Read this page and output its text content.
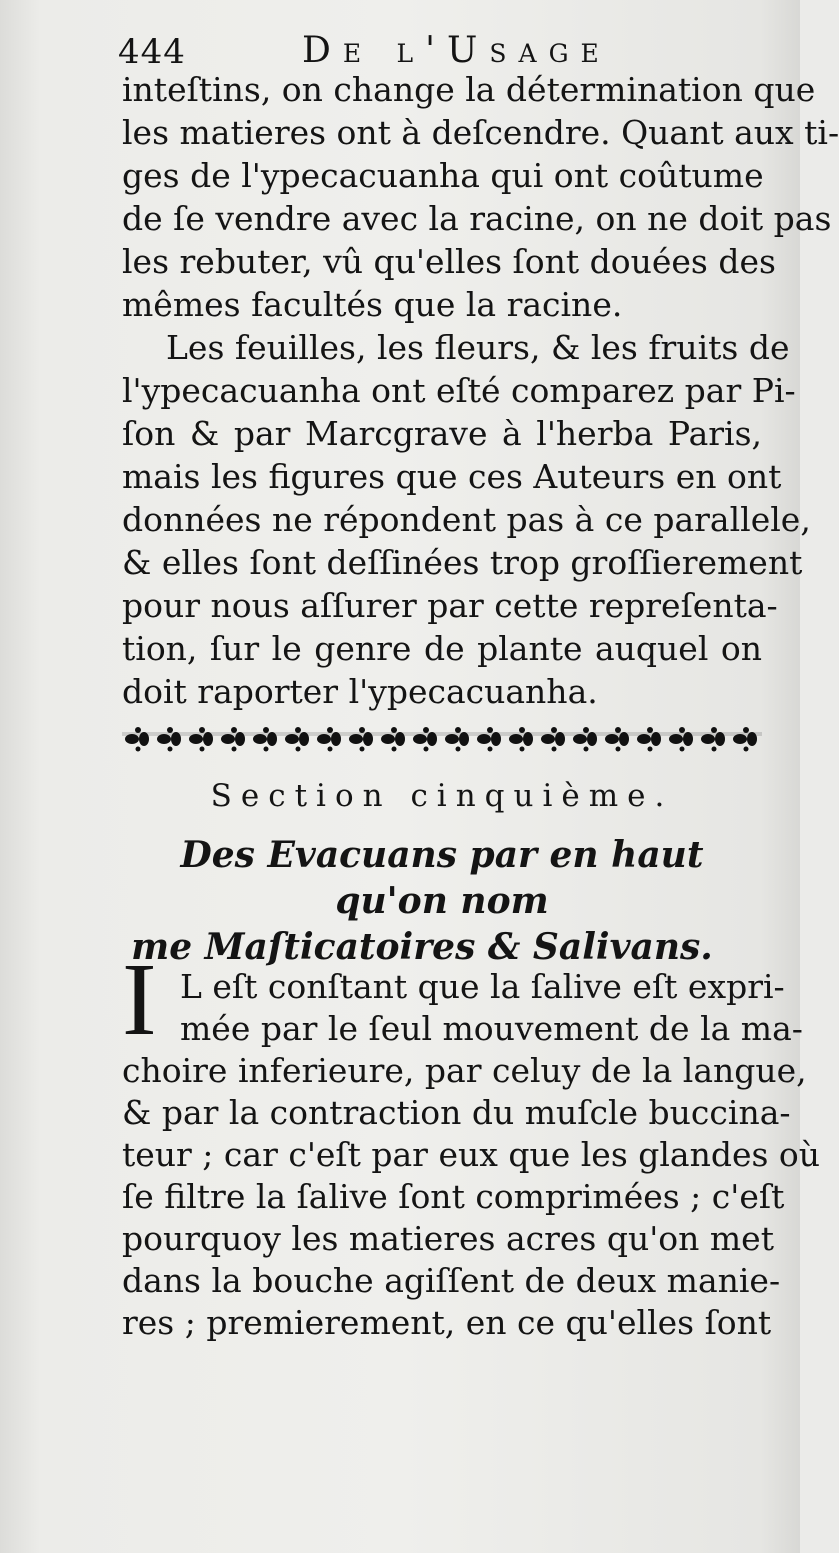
444	De l'Usage
inteſtins, on change la détermination que
les matieres ont à deſcendre. Quant aux ti-
ges de l'ypecacuanha qui ont coûtume
de ſe vendre avec la racine, on ne doit pas
les rebuter, vû qu'elles ſont douées des
mêmes facultés que la racine.
Les feuilles, les fleurs, & les fruits de
l'ypecacuanha ont eſté comparez par Pi-
ſon & par Marcgrave à l'herba Paris,
mais les figures que ces Auteurs en ont
données ne répondent pas à ce parallele,
& elles ſont deſſinées trop groſſierement
pour nous aſſurer par cette repreſenta-
tion, ſur le genre de plante auquel on
doit raporter l'ypecacuanha.
Section cinquième.
Des Evacuans par en haut qu'on nom
me Maſticatoires & Salivans.
I L eſt conſtant que la ſalive eſt expri-
mée par le ſeul mouvement de la ma-
choire inferieure, par celuy de la langue,
& par la contraction du muſcle buccina-
teur ; car c'eſt par eux que les glandes où
ſe filtre la ſalive ſont comprimées ; c'eſt
pourquoy les matieres acres qu'on met
dans la bouche agiſſent de deux manie-
res ; premierement, en ce qu'elles ſont
